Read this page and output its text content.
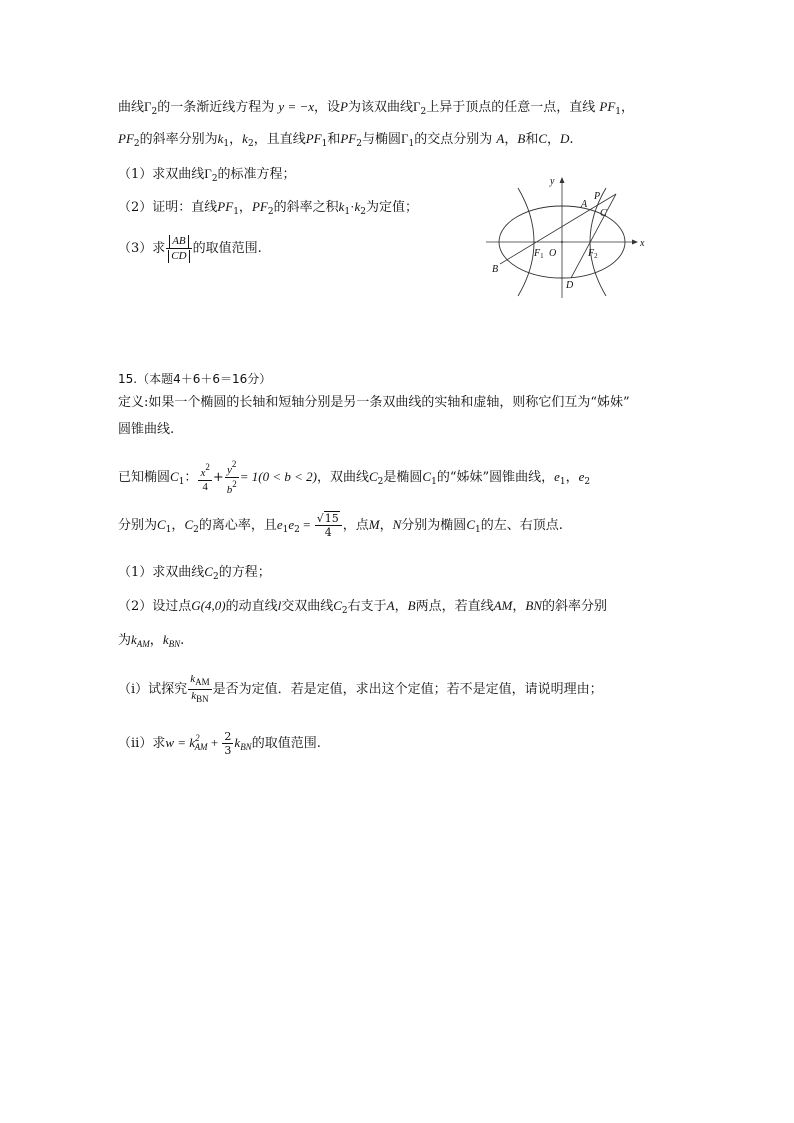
曲线$\Gamma_2$的一条渐近线方程为 y = −x，设P为该双曲线$\Gamma_2$上异于顶点的任意一点，直线 $PF_1$，
$PF_2$的斜率分别为$k_1$，$k_2$，且直线$PF_1$和$PF_2$与椭圆$\Gamma_1$的交点分别为 A，B和C，D.
（1）求双曲线$\Gamma_2$的标准方程；
（2）证明：直线$PF_1$，$PF_2$的斜率之积$k_1\cdot k_2$为定值；
（3）求 $\frac{AB}{CD}$ 的取值范围.
y
x
A
P
C
B
$F_1$ O	$F_2$
D
15.（本题4＋6＋6＝16分）
定义:如果一个椭圆的长轴和短轴分别是另一条双曲线的实轴和虚轴，则称它们互为“姊妹”
圆锥曲线.
已知椭圆$C_1$： $\frac{x^2}{4} + \frac{y^2}{b^2} = 1(0 < b < 2)$，双曲线$C_2$是椭圆$C_1$的“姊妹”圆锥曲线，$e_1$，$e_2$
分别为$C_1$，$C_2$的离心率，且$e_1e_2 = \frac{√15}{4}$ ，点M，N分别为椭圆$C_1$的左、右顶点.
（1）求双曲线$C_2$的方程；
（2）设过点G(4,0)的动直线l交双曲线$C_2$右支于A，B两点，若直线AM，BN的斜率分别
为$k_{AM}$，$k_{BN}$.
（i）试探究 $\frac{k_{AM}}{k_{BN}}$ 是否为定值．若是定值，求出这个定值；若不是定值，请说明理由；
（ii）求$w = k^2_{AM} + \frac{2}{3} k_{BN}$的取值范围.
